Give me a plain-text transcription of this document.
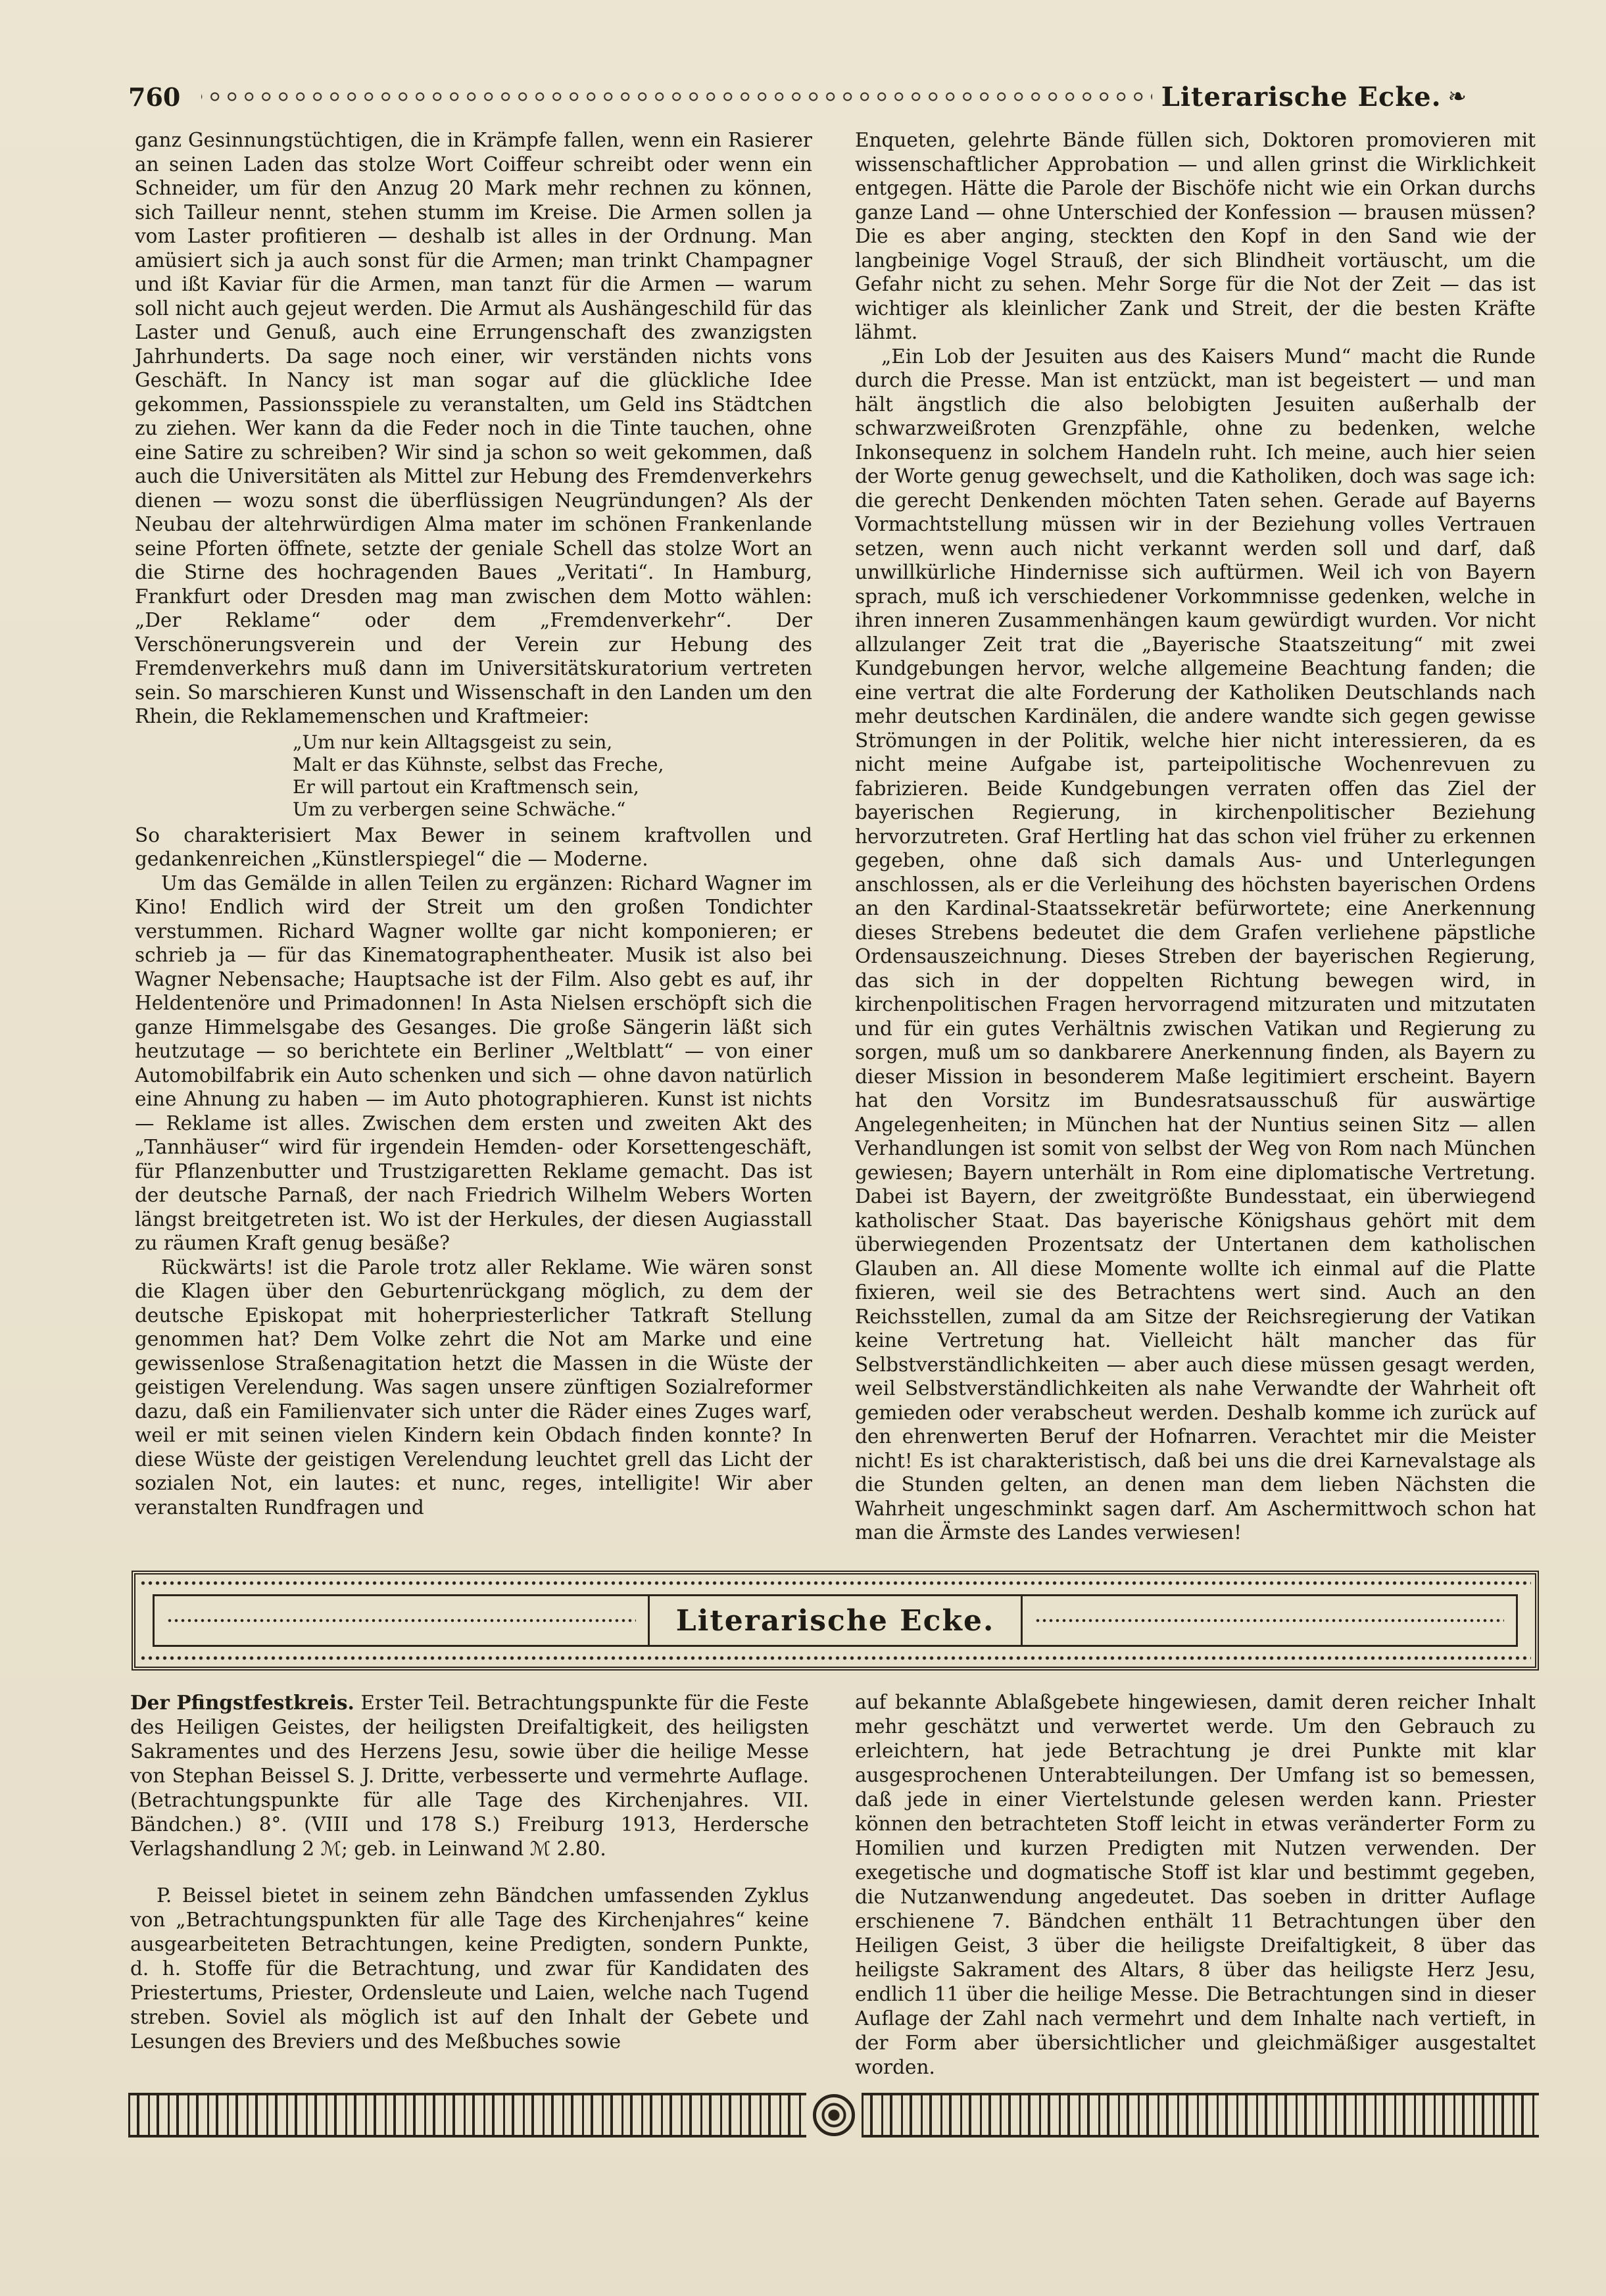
760	Literarische Ecke. ❧

ganz Gesinnungstüchtigen, die in Krämpfe fallen, wenn ein Rasierer an seinen Laden das stolze Wort Coiffeur schreibt oder wenn ein Schneider, um für den Anzug 20 Mark mehr rechnen zu können, sich Tailleur nennt, stehen stumm im Kreise. Die Armen sollen ja vom Laster profitieren — deshalb ist alles in der Ordnung. Man amüsiert sich ja auch sonst für die Armen; man trinkt Champagner und ißt Kaviar für die Armen, man tanzt für die Armen — warum soll nicht auch gejeut werden. Die Armut als Aushängeschild für das Laster und Genuß, auch eine Errungenschaft des zwanzigsten Jahrhunderts. Da sage noch einer, wir verständen nichts vons Geschäft. In Nancy ist man sogar auf die glückliche Idee gekommen, Passionsspiele zu veranstalten, um Geld ins Städtchen zu ziehen. Wer kann da die Feder noch in die Tinte tauchen, ohne eine Satire zu schreiben? Wir sind ja schon so weit gekommen, daß auch die Universitäten als Mittel zur Hebung des Fremdenverkehrs dienen — wozu sonst die überflüssigen Neugründungen? Als der Neubau der altehrwürdigen Alma mater im schönen Frankenlande seine Pforten öffnete, setzte der geniale Schell das stolze Wort an die Stirne des hochragenden Baues „Veritati“. In Hamburg, Frankfurt oder Dresden mag man zwischen dem Motto wählen: „Der Reklame“ oder dem „Fremdenverkehr“. Der Verschönerungsverein und der Verein zur Hebung des Fremdenverkehrs muß dann im Universitätskuratorium vertreten sein. So marschieren Kunst und Wissenschaft in den Landen um den Rhein, die Reklamemenschen und Kraftmeier:

„Um nur kein Alltagsgeist zu sein,
Malt er das Kühnste, selbst das Freche,
Er will partout ein Kraftmensch sein,
Um zu verbergen seine Schwäche.“

So charakterisiert Max Bewer in seinem kraftvollen und gedankenreichen „Künstlerspiegel“ die — Moderne.

Um das Gemälde in allen Teilen zu ergänzen: Richard Wagner im Kino! Endlich wird der Streit um den großen Tondichter verstummen. Richard Wagner wollte gar nicht komponieren; er schrieb ja — für das Kinematographentheater. Musik ist also bei Wagner Nebensache; Hauptsache ist der Film. Also gebt es auf, ihr Heldentenöre und Primadonnen! In Asta Nielsen erschöpft sich die ganze Himmelsgabe des Gesanges. Die große Sängerin läßt sich heutzutage — so berichtete ein Berliner „Weltblatt“ — von einer Automobilfabrik ein Auto schenken und sich — ohne davon natürlich eine Ahnung zu haben — im Auto photographieren. Kunst ist nichts — Reklame ist alles. Zwischen dem ersten und zweiten Akt des „Tannhäuser“ wird für irgendein Hemden- oder Korsettengeschäft, für Pflanzenbutter und Trustzigaretten Reklame gemacht. Das ist der deutsche Parnaß, der nach Friedrich Wilhelm Webers Worten längst breitgetreten ist. Wo ist der Herkules, der diesen Augiasstall zu räumen Kraft genug besäße?

Rückwärts! ist die Parole trotz aller Reklame. Wie wären sonst die Klagen über den Geburtenrückgang möglich, zu dem der deutsche Episkopat mit hoherpriesterlicher Tatkraft Stellung genommen hat? Dem Volke zehrt die Not am Marke und eine gewissenlose Straßenagitation hetzt die Massen in die Wüste der geistigen Verelendung. Was sagen unsere zünftigen Sozialreformer dazu, daß ein Familienvater sich unter die Räder eines Zuges warf, weil er mit seinen vielen Kindern kein Obdach finden konnte? In diese Wüste der geistigen Verelendung leuchtet grell das Licht der sozialen Not, ein lautes: et nunc, reges, intelligite! Wir aber veranstalten Rundfragen und

Enqueten, gelehrte Bände füllen sich, Doktoren promovieren mit wissenschaftlicher Approbation — und allen grinst die Wirklichkeit entgegen. Hätte die Parole der Bischöfe nicht wie ein Orkan durchs ganze Land — ohne Unterschied der Konfession — brausen müssen? Die es aber anging, steckten den Kopf in den Sand wie der langbeinige Vogel Strauß, der sich Blindheit vortäuscht, um die Gefahr nicht zu sehen. Mehr Sorge für die Not der Zeit — das ist wichtiger als kleinlicher Zank und Streit, der die besten Kräfte lähmt.

„Ein Lob der Jesuiten aus des Kaisers Mund“ macht die Runde durch die Presse. Man ist entzückt, man ist begeistert — und man hält ängstlich die also belobigten Jesuiten außerhalb der schwarzweißroten Grenzpfähle, ohne zu bedenken, welche Inkonsequenz in solchem Handeln ruht. Ich meine, auch hier seien der Worte genug gewechselt, und die Katholiken, doch was sage ich: die gerecht Denkenden möchten Taten sehen. Gerade auf Bayerns Vormachtstellung müssen wir in der Beziehung volles Vertrauen setzen, wenn auch nicht verkannt werden soll und darf, daß unwillkürliche Hindernisse sich auftürmen. Weil ich von Bayern sprach, muß ich verschiedener Vorkommnisse gedenken, welche in ihren inneren Zusammenhängen kaum gewürdigt wurden. Vor nicht allzulanger Zeit trat die „Bayerische Staatszeitung“ mit zwei Kundgebungen hervor, welche allgemeine Beachtung fanden; die eine vertrat die alte Forderung der Katholiken Deutschlands nach mehr deutschen Kardinälen, die andere wandte sich gegen gewisse Strömungen in der Politik, welche hier nicht interessieren, da es nicht meine Aufgabe ist, parteipolitische Wochenrevuen zu fabrizieren. Beide Kundgebungen verraten offen das Ziel der bayerischen Regierung, in kirchenpolitischer Beziehung hervorzutreten. Graf Hertling hat das schon viel früher zu erkennen gegeben, ohne daß sich damals Aus- und Unterlegungen anschlossen, als er die Verleihung des höchsten bayerischen Ordens an den Kardinal-Staatssekretär befürwortete; eine Anerkennung dieses Strebens bedeutet die dem Grafen verliehene päpstliche Ordensauszeichnung. Dieses Streben der bayerischen Regierung, das sich in der doppelten Richtung bewegen wird, in kirchenpolitischen Fragen hervorragend mitzuraten und mitzutaten und für ein gutes Verhältnis zwischen Vatikan und Regierung zu sorgen, muß um so dankbarere Anerkennung finden, als Bayern zu dieser Mission in besonderem Maße legitimiert erscheint. Bayern hat den Vorsitz im Bundesratsausschuß für auswärtige Angelegenheiten; in München hat der Nuntius seinen Sitz — allen Verhandlungen ist somit von selbst der Weg von Rom nach München gewiesen; Bayern unterhält in Rom eine diplomatische Vertretung. Dabei ist Bayern, der zweitgrößte Bundesstaat, ein überwiegend katholischer Staat. Das bayerische Königshaus gehört mit dem überwiegenden Prozentsatz der Untertanen dem katholischen Glauben an. All diese Momente wollte ich einmal auf die Platte fixieren, weil sie des Betrachtens wert sind. Auch an den Reichsstellen, zumal da am Sitze der Reichsregierung der Vatikan keine Vertretung hat. Vielleicht hält mancher das für Selbstverständlichkeiten — aber auch diese müssen gesagt werden, weil Selbstverständlichkeiten als nahe Verwandte der Wahrheit oft gemieden oder verabscheut werden. Deshalb komme ich zurück auf den ehrenwerten Beruf der Hofnarren. Verachtet mir die Meister nicht! Es ist charakteristisch, daß bei uns die drei Karnevalstage als die Stunden gelten, an denen man dem lieben Nächsten die Wahrheit ungeschminkt sagen darf. Am Aschermittwoch schon hat man die Ärmste des Landes verwiesen!

Literarische Ecke.

Der Pfingstfestkreis. Erster Teil. Betrachtungspunkte für die Feste des Heiligen Geistes, der heiligsten Dreifaltigkeit, des heiligsten Sakramentes und des Herzens Jesu, sowie über die heilige Messe von Stephan Beissel S. J. Dritte, verbesserte und vermehrte Auflage. (Betrachtungspunkte für alle Tage des Kirchenjahres. VII. Bändchen.) 8°. (VIII und 178 S.) Freiburg 1913, Herdersche Verlagshandlung 2 ℳ; geb. in Leinwand ℳ 2.80.

P. Beissel bietet in seinem zehn Bändchen umfassenden Zyklus von „Betrachtungspunkten für alle Tage des Kirchenjahres“ keine ausgearbeiteten Betrachtungen, keine Predigten, sondern Punkte, d. h. Stoffe für die Betrachtung, und zwar für Kandidaten des Priestertums, Priester, Ordensleute und Laien, welche nach Tugend streben. Soviel als möglich ist auf den Inhalt der Gebete und Lesungen des Breviers und des Meßbuches sowie

auf bekannte Ablaßgebete hingewiesen, damit deren reicher Inhalt mehr geschätzt und verwertet werde. Um den Gebrauch zu erleichtern, hat jede Betrachtung je drei Punkte mit klar ausgesprochenen Unterabteilungen. Der Umfang ist so bemessen, daß jede in einer Viertelstunde gelesen werden kann. Priester können den betrachteten Stoff leicht in etwas veränderter Form zu Homilien und kurzen Predigten mit Nutzen verwenden. Der exegetische und dogmatische Stoff ist klar und bestimmt gegeben, die Nutzanwendung angedeutet. Das soeben in dritter Auflage erschienene 7. Bändchen enthält 11 Betrachtungen über den Heiligen Geist, 3 über die heiligste Dreifaltigkeit, 8 über das heiligste Sakrament des Altars, 8 über das heiligste Herz Jesu, endlich 11 über die heilige Messe. Die Betrachtungen sind in dieser Auflage der Zahl nach vermehrt und dem Inhalte nach vertieft, in der Form aber übersichtlicher und gleichmäßiger ausgestaltet worden.
